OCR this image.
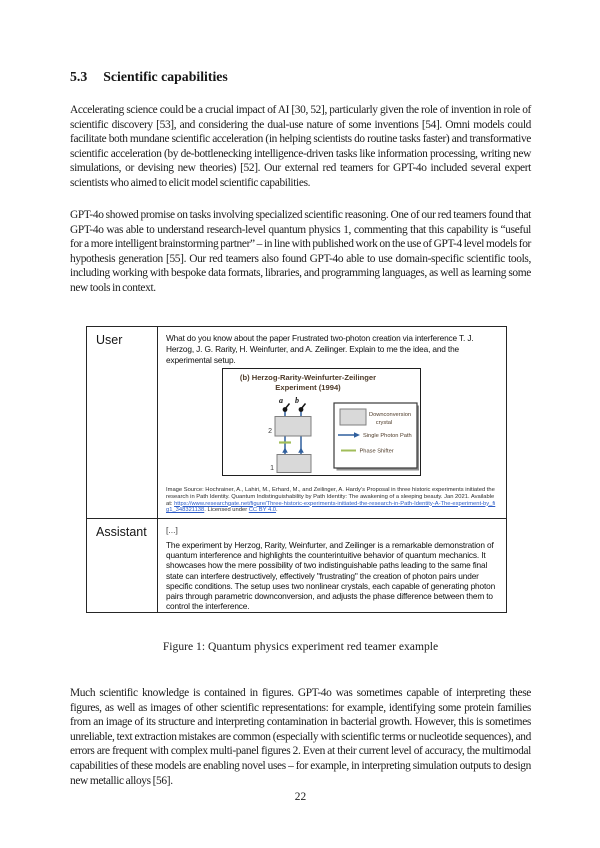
5.3 Scientific capabilities

Accelerating science could be a crucial impact of AI [30, 52], particularly given the role of invention in role of scientific discovery [53], and considering the dual-use nature of some inventions [54]. Omni models could facilitate both mundane scientific acceleration (in helping scientists do routine tasks faster) and transformative scientific acceleration (by de-bottlenecking intelligence-driven tasks like information processing, writing new simulations, or devising new theories) [52]. Our external red teamers for GPT-4o included several expert scientists who aimed to elicit model scientific capabilities.

GPT-4o showed promise on tasks involving specialized scientific reasoning. One of our red teamers found that GPT-4o was able to understand research-level quantum physics 1, commenting that this capability is “useful for a more intelligent brainstorming partner” – in line with published work on the use of GPT-4 level models for hypothesis generation [55]. Our red teamers also found GPT-4o able to use domain-specific scientific tools, including working with bespoke data formats, libraries, and programming languages, as well as learning some new tools in context.

User	What do you know about the paper Frustrated two-photon creation via interference T. J. Herzog, J. G. Rarity, H. Weinfurter, and A. Zeilinger. Explain to me the idea, and the experimental setup.

(b) Herzog-Rarity-Weinfurter-Zeilinger
Experiment (1994)
a b
2
1
Downconversion
crystal
Single Photon Path
Phase Shifter

Image Source: Hochrainer, A., Lahiri, M., Erhard, M., and Zeilinger, A. Hardy’s Proposal in three historic experiments initiated the research in Path Identity. Quantum Indistinguishability by Path Identity: The awakening of a sleeping beauty. Jan 2021. Available at: https://www.researchgate.net/figure/Three-historic-experiments-initiated-the-research-in-Path-Identity-A-The-experiment-by_fig1_348321138. Licensed under CC BY 4.0.

Assistant	[...]

The experiment by Herzog, Rarity, Weinfurter, and Zeilinger is a remarkable demonstration of quantum interference and highlights the counterintuitive behavior of quantum mechanics. It showcases how the mere possibility of two indistinguishable paths leading to the same final state can interfere destructively, effectively "frustrating" the creation of photon pairs under specific conditions. The setup uses two nonlinear crystals, each capable of generating photon pairs through parametric downconversion, and adjusts the phase difference between them to control the interference.

Figure 1: Quantum physics experiment red teamer example

Much scientific knowledge is contained in figures. GPT-4o was sometimes capable of interpreting these figures, as well as images of other scientific representations: for example, identifying some protein families from an image of its structure and interpreting contamination in bacterial growth. However, this is sometimes unreliable, text extraction mistakes are common (especially with scientific terms or nucleotide sequences), and errors are frequent with complex multi-panel figures 2. Even at their current level of accuracy, the multimodal capabilities of these models are enabling novel uses – for example, in interpreting simulation outputs to design new metallic alloys [56].

22
